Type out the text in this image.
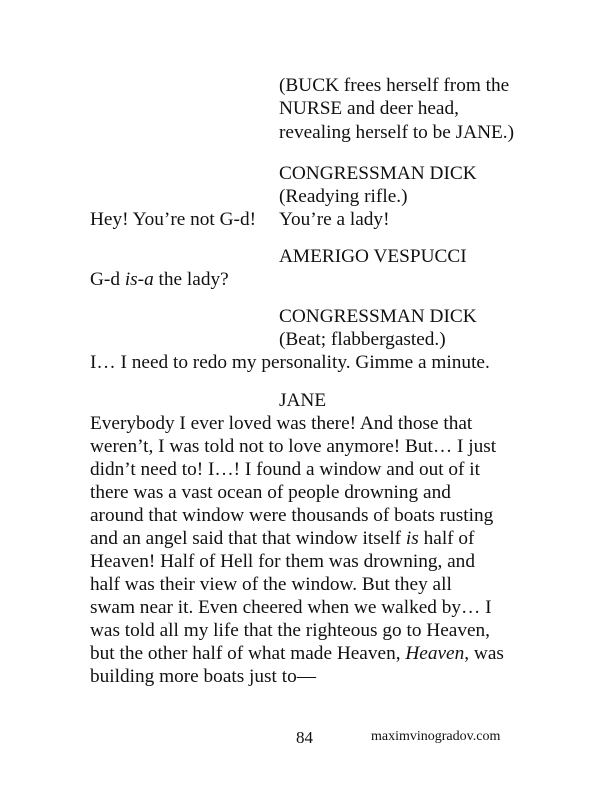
(BUCK frees herself from the
NURSE and deer head,
revealing herself to be JANE.)
CONGRESSMAN DICK
(Readying rifle.)
Hey! You’re not G-d! You’re a lady!
AMERIGO VESPUCCI
G-d is-a the lady?
CONGRESSMAN DICK
(Beat; flabbergasted.)
I… I need to redo my personality. Gimme a minute.
JANE
Everybody I ever loved was there! And those that
weren’t, I was told not to love anymore! But… I just
didn’t need to! I…! I found a window and out of it
there was a vast ocean of people drowning and
around that window were thousands of boats rusting
and an angel said that that window itself is half of
Heaven! Half of Hell for them was drowning, and
half was their view of the window. But they all
swam near it. Even cheered when we walked by… I
was told all my life that the righteous go to Heaven,
but the other half of what made Heaven, Heaven, was
building more boats just to—
84	maximvinogradov.com
